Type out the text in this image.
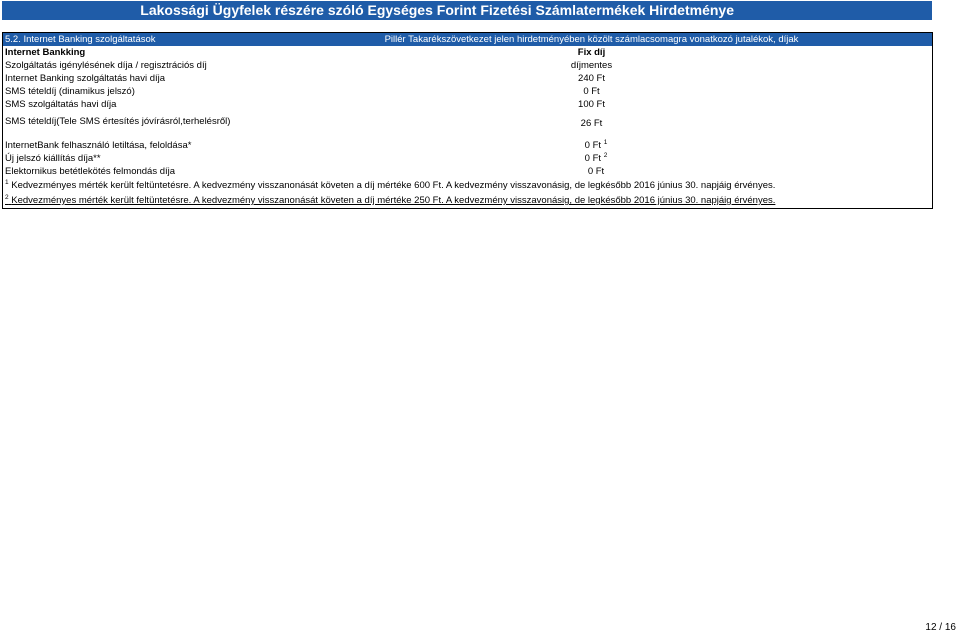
Lakossági Ügyfelek részére szóló Egységes Forint Fizetési Számlatermékek Hirdetménye
5.2. Internet Banking szolgáltatások	Pillér Takarékszövetkezet jelen hirdetményében közölt számlacsomagra vonatkozó jutalékok, díjak
Internet Bankking	Fix díj
Szolgáltatás igénylésének díja / regisztrációs díj	díjmentes
Internet Banking szolgáltatás havi díja	240 Ft
SMS tételdíj (dinamikus jelszó)	0 Ft
SMS szolgáltatás havi díja	100 Ft
SMS tételdíj(Tele SMS értesítés jóvírásról,terhelésről)	26 Ft
InternetBank felhasználó letiltása, feloldása*	0 Ft $^1$
Új jelszó kiállítás díja**	0 Ft $^2$
Elektornikus betétlekötés felmondás díja	0 Ft
$^1$ Kedvezményes mérték került feltüntetésre. A kedvezmény visszanonását követen a díj mértéke 600 Ft. A kedvezmény visszavonásig, de legkésőbb 2016 június 30. napjáig érvényes.
$^2$ Kedvezményes mérték került feltüntetésre. A kedvezmény visszanonását követen a díj mértéke 250 Ft. A kedvezmény visszavonásig, de legkésőbb 2016 június 30. napjáig érvényes.
12 / 16
